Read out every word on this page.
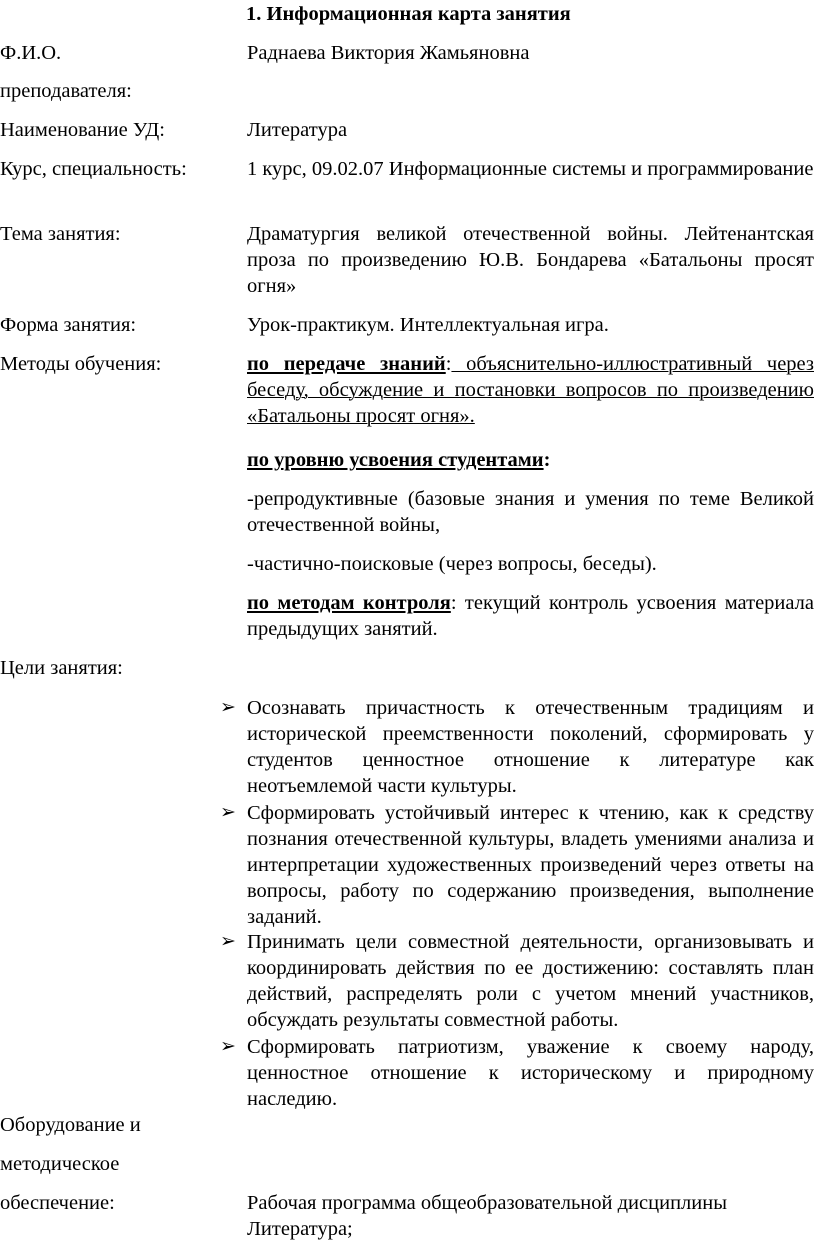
1. Информационная карта занятия
Ф.И.О.
преподавателя:
Раднаева Виктория Жамьяновна
Наименование УД:	Литература
Курс, специальность:	1 курс, 09.02.07 Информационные системы и программирование
Тема занятия:	Драматургия великой отечественной войны. Лейтенантская проза по произведению Ю.В. Бондарева «Батальоны просят огня»
Форма занятия:	Урок-практикум. Интеллектуальная игра.
Методы обучения:	по передаче знаний: объяснительно-иллюстративный через беседу, обсуждение и постановки вопросов по произведению «Батальоны просят огня».
по уровню усвоения студентами:
-репродуктивные (базовые знания и умения по теме Великой отечественной войны,
-частично-поисковые (через вопросы, беседы).
по методам контроля: текущий контроль усвоения материала предыдущих занятий.
Цели занятия:
➢ Осознавать причастность к отечественным традициям и исторической преемственности поколений, сформировать у студентов ценностное отношение к литературе как неотъемлемой части культуры.
➢ Сформировать устойчивый интерес к чтению, как к средству познания отечественной культуры, владеть умениями анализа и интерпретации художественных произведений через ответы на вопросы, работу по содержанию произведения, выполнение заданий.
➢ Принимать цели совместной деятельности, организовывать и координировать действия по ее достижению: составлять план действий, распределять роли с учетом мнений участников, обсуждать результаты совместной работы.
➢ Сформировать патриотизм, уважение к своему народу, ценностное отношение к историческому и природному наследию.
Оборудование и
методическое
обеспечение:	Рабочая программа общеобразовательной дисциплины Литература;
